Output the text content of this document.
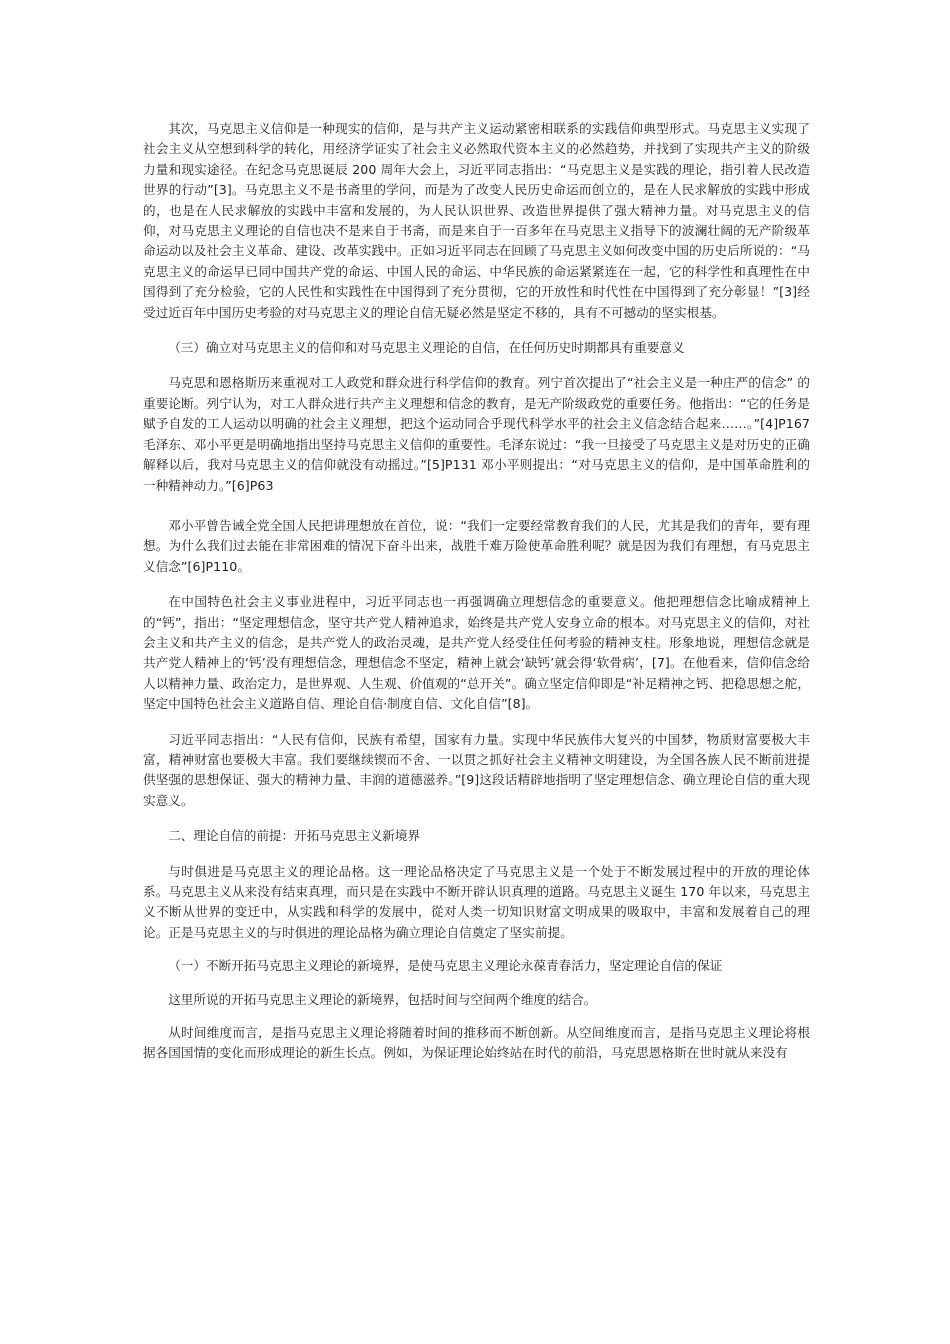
其次，马克思主义信仰是一种现实的信仰，是与共产主义运动紧密相联系的实践信仰典型形式。马克思主义实现了社会主义从空想到科学的转化，用经济学证实了社会主义必然取代资本主义的必然趋势，并找到了实现共产主义的阶级力量和现实途径。在纪念马克思诞辰 200 周年大会上，习近平同志指出：“马克思主义是实践的理论，指引着人民改造世界的行动”[3]。马克思主义不是书斋里的学问，而是为了改变人民历史命运而创立的，是在人民求解放的实践中形成的，也是在人民求解放的实践中丰富和发展的，为人民认识世界、改造世界提供了强大精神力量。对马克思主义的信仰，对马克思主义理论的自信也决不是来自于书斋，而是来自于一百多年在马克思主义指导下的波澜壮阔的无产阶级革命运动以及社会主义革命、建设、改革实践中。正如习近平同志在回顾了马克思主义如何改变中国的历史后所说的：“马克思主义的命运早已同中国共产党的命运、中国人民的命运、中华民族的命运紧紧连在一起，它的科学性和真理性在中国得到了充分检验，它的人民性和实践性在中国得到了充分贯彻，它的开放性和时代性在中国得到了充分彰显！”[3]经受过近百年中国历史考验的对马克思主义的理论自信无疑必然是坚定不移的，具有不可撼动的坚实根基。

（三）确立对马克思主义的信仰和对马克思主义理论的自信，在任何历史时期都具有重要意义

马克思和恩格斯历来重视对工人政党和群众进行科学信仰的教育。列宁首次提出了“社会主义是一种庄严的信念” 的重要论断。列宁认为，对工人群众进行共产主义理想和信念的教育，是无产阶级政党的重要任务。他指出：“它的任务是赋予自发的工人运动以明确的社会主义理想，把这个运动同合乎现代科学水平的社会主义信念结合起来……。”[4]P167 毛泽东、邓小平更是明确地指出坚持马克思主义信仰的重要性。毛泽东说过：“我一旦接受了马克思主义是对历史的正确解释以后，我对马克思主义的信仰就没有动摇过。”[5]P131 邓小平则提出：“对马克思主义的信仰，是中国革命胜利的一种精神动力。”[6]P63

邓小平曾告诫全党全国人民把讲理想放在首位，说：“我们一定要经常教育我们的人民，尤其是我们的青年，要有理想。为什么我们过去能在非常困难的情况下奋斗出来，战胜千难万险使革命胜利呢？就是因为我们有理想，有马克思主义信念”[6]P110。

在中国特色社会主义事业进程中，习近平同志也一再强调确立理想信念的重要意义。他把理想信念比喻成精神上的“钙”，指出：“坚定理想信念，坚守共产党人精神追求，始终是共产党人安身立命的根本。对马克思主义的信仰，对社会主义和共产主义的信念，是共产党人的政治灵魂，是共产党人经受住任何考验的精神支柱。形象地说，理想信念就是 共产党人精神上的‘钙’没有理想信念，理想信念不坚定，精神上就会‘缺钙’就会得‘软骨病’，[7]。在他看来，信仰信念给人以精神力量、政治定力，是世界观、人生观、价值观的“总开关”。确立坚定信仰即是“补足精神之钙、把稳思想之舵， 坚定中国特色社会主义道路自信、理论自信·制度自信、文化自信”[8]。

习近平同志指出：“人民有信仰，民族有希望，国家有力量。实现中华民族伟大复兴的中国梦，物质财富要极大丰富，精神财富也要极大丰富。我们要继续锲而不舍、一以贯之抓好社会主义精神文明建设，为全国各族人民不断前进提供坚强的思想保证、强大的精神力量、丰润的道德滋养。”[9]这段话精辟地指明了坚定理想信念、确立理论自信的重大现实意义。

二、理论自信的前提：开拓马克思主义新境界

与时俱进是马克思主义的理论品格。这一理论品格决定了马克思主义是一个处于不断发展过程中的开放的理论体 系。马克思主义从来没有结束真理，而只是在实践中不断开辟认识真理的道路。马克思主义诞生 170 年以来，马克思主义不断从世界的变迁中，从实践和科学的发展中，從对人类一切知识财富文明成果的吸取中，丰富和发展着自己的理论。正是马克思主义的与时俱进的理论品格为确立理论自信奠定了坚实前提。

（一）不断开拓马克思主义理论的新境界，是使马克思主义理论永葆青春活力，坚定理论自信的保证

这里所说的开拓马克思主义理论的新境界，包括时间与空间两个维度的结合。

从时间维度而言，是指马克思主义理论将随着时间的推移而不断创新。从空间维度而言，是指马克思主义理论将根据各国国情的变化而形成理论的新生长点。例如，为保证理论始终站在时代的前沿，马克思恩格斯在世时就从来没有
